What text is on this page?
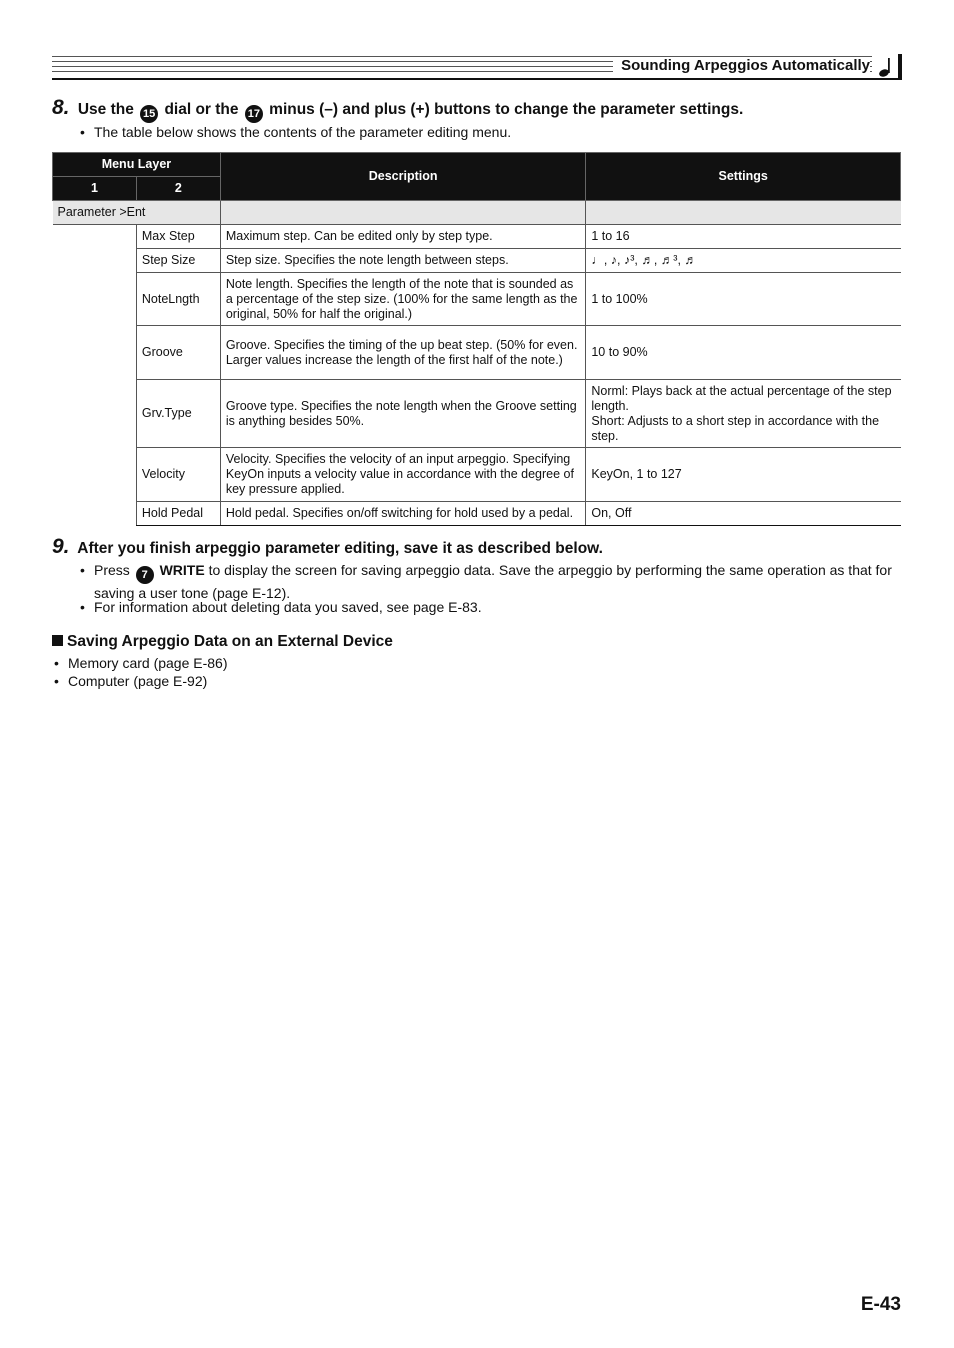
Sounding Arpeggios Automatically
8. Use the 15 dial or the 17 minus (–) and plus (+) buttons to change the parameter settings.
• The table below shows the contents of the parameter editing menu.
Menu Layer		Description	Settings
1	2		
Parameter >Ent			
	Max Step	Maximum step. Can be edited only by step type.	1 to 16
	Step Size	Step size. Specifies the note length between steps.	♩, ♪, ♪³, ♬, ♬³, ♬
	NoteLngth	Note length. Specifies the length of the note that is sounded as a percentage of the step size. (100% for the same length as the original, 50% for half the original.)	1 to 100%
	Groove	Groove. Specifies the timing of the up beat step. (50% for even. Larger values increase the length of the first half of the note.)	10 to 90%
	Grv.Type	Groove type. Specifies the note length when the Groove setting is anything besides 50%.	Norml: Plays back at the actual percentage of the step length.
Short: Adjusts to a short step in accordance with the step.
	Velocity	Velocity. Specifies the velocity of an input arpeggio. Specifying KeyOn inputs a velocity value in accordance with the degree of key pressure applied.	KeyOn, 1 to 127
	Hold Pedal	Hold pedal. Specifies on/off switching for hold used by a pedal.	On, Off
9. After you finish arpeggio parameter editing, save it as described below.
• Press 7 WRITE to display the screen for saving arpeggio data. Save the arpeggio by performing the same operation as that for saving a user tone (page E-12).
• For information about deleting data you saved, see page E-83.
Saving Arpeggio Data on an External Device
• Memory card (page E-86)
• Computer (page E-92)
E-43
